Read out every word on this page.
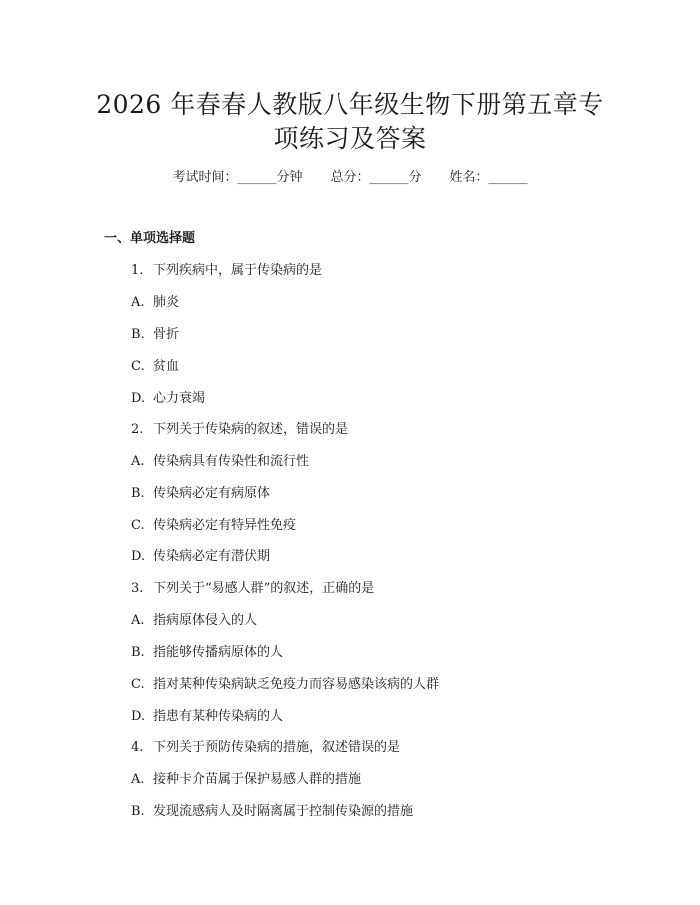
2026 年春春人教版八年级生物下册第五章专
项练习及答案
考试时间：______分钟 总分：______分 姓名：______
一、单项选择题
1. 下列疾病中，属于传染病的是
A. 肺炎
B. 骨折
C. 贫血
D. 心力衰竭
2. 下列关于传染病的叙述，错误的是
A. 传染病具有传染性和流行性
B. 传染病必定有病原体
C. 传染病必定有特异性免疫
D. 传染病必定有潜伏期
3. 下列关于“易感人群”的叙述，正确的是
A. 指病原体侵入的人
B. 指能够传播病原体的人
C. 指对某种传染病缺乏免疫力而容易感染该病的人群
D. 指患有某种传染病的人
4. 下列关于预防传染病的措施，叙述错误的是
A. 接种卡介苗属于保护易感人群的措施
B. 发现流感病人及时隔离属于控制传染源的措施
